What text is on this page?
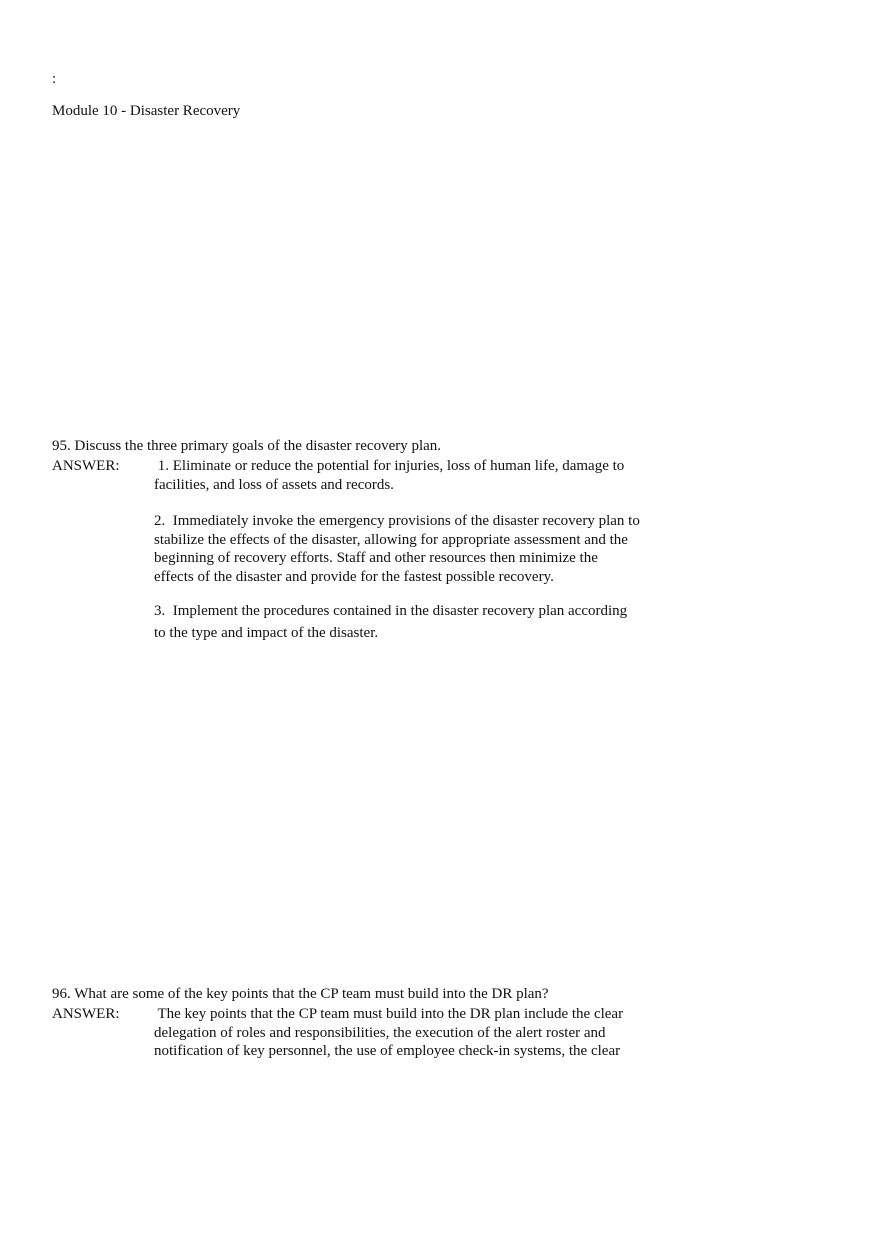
:
Module 10 - Disaster Recovery
95. Discuss the three primary goals of the disaster recovery plan.
ANSWER: 1. Eliminate or reduce the potential for injuries, loss of human life, damage to
facilities, and loss of assets and records.
2.  Immediately invoke the emergency provisions of the disaster recovery plan to
stabilize the effects of the disaster, allowing for appropriate assessment and the
beginning of recovery efforts. Staff and other resources then minimize the
effects of the disaster and provide for the fastest possible recovery.
3.  Implement the procedures contained in the disaster recovery plan according
to the type and impact of the disaster.
96. What are some of the key points that the CP team must build into the DR plan?
ANSWER: The key points that the CP team must build into the DR plan include the clear
delegation of roles and responsibilities, the execution of the alert roster and
notification of key personnel, the use of employee check-in systems, the clear
